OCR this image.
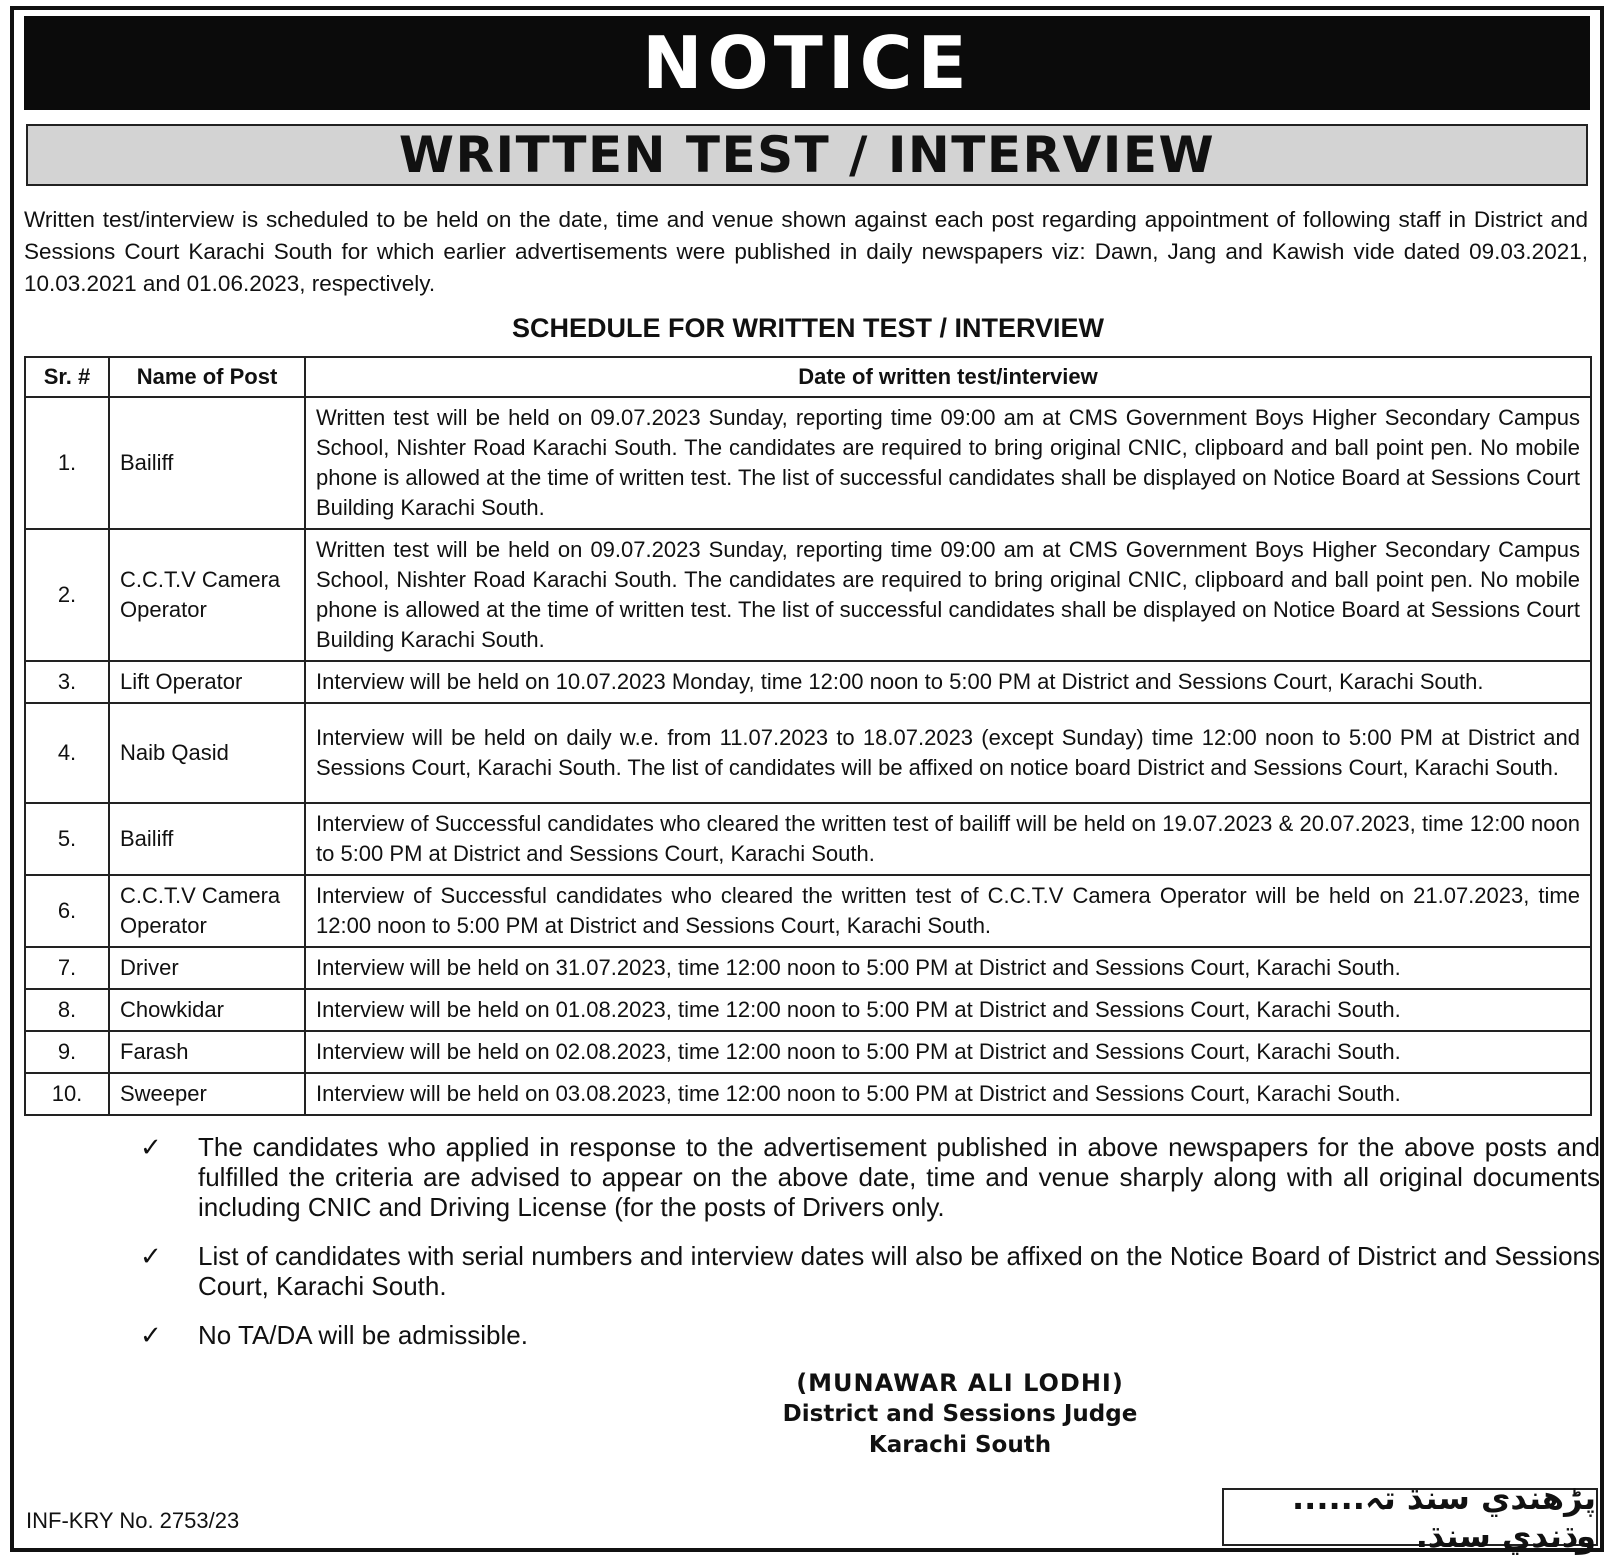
NOTICE
WRITTEN TEST / INTERVIEW

Written test/interview is scheduled to be held on the date, time and venue shown against each post regarding appointment of following staff in District and Sessions Court Karachi South for which earlier advertisements were published in daily newspapers viz: Dawn, Jang and Kawish vide dated 09.03.2021, 10.03.2021 and 01.06.2023, respectively.

SCHEDULE FOR WRITTEN TEST / INTERVIEW
Sr. #	Name of Post	Date of written test/interview
1.	Bailiff	Written test will be held on 09.07.2023 Sunday, reporting time 09:00 am at CMS Government Boys Higher Secondary Campus School, Nishter Road Karachi South. The candidates are required to bring original CNIC, clipboard and ball point pen. No mobile phone is allowed at the time of written test. The list of successful candidates shall be displayed on Notice Board at Sessions Court Building Karachi South.
2.	C.C.T.V Camera Operator	Written test will be held on 09.07.2023 Sunday, reporting time 09:00 am at CMS Government Boys Higher Secondary Campus School, Nishter Road Karachi South. The candidates are required to bring original CNIC, clipboard and ball point pen. No mobile phone is allowed at the time of written test. The list of successful candidates shall be displayed on Notice Board at Sessions Court Building Karachi South.
3.	Lift Operator	Interview will be held on 10.07.2023 Monday, time 12:00 noon to 5:00 PM at District and Sessions Court, Karachi South.
4.	Naib Qasid	Interview will be held on daily w.e. from 11.07.2023 to 18.07.2023 (except Sunday) time 12:00 noon to 5:00 PM at District and Sessions Court, Karachi South. The list of candidates will be affixed on notice board District and Sessions Court, Karachi South.
5.	Bailiff	Interview of Successful candidates who cleared the written test of bailiff will be held on 19.07.2023 & 20.07.2023, time 12:00 noon to 5:00 PM at District and Sessions Court, Karachi South.
6.	C.C.T.V Camera Operator	Interview of Successful candidates who cleared the written test of C.C.T.V Camera Operator will be held on 21.07.2023, time 12:00 noon to 5:00 PM at District and Sessions Court, Karachi South.
7.	Driver	Interview will be held on 31.07.2023, time 12:00 noon to 5:00 PM at District and Sessions Court, Karachi South.
8.	Chowkidar	Interview will be held on 01.08.2023, time 12:00 noon to 5:00 PM at District and Sessions Court, Karachi South.
9.	Farash	Interview will be held on 02.08.2023, time 12:00 noon to 5:00 PM at District and Sessions Court, Karachi South.
10.	Sweeper	Interview will be held on 03.08.2023, time 12:00 noon to 5:00 PM at District and Sessions Court, Karachi South.
✓	The candidates who applied in response to the advertisement published in above newspapers for the above posts and fulfilled the criteria are advised to appear on the above date, time and venue sharply along with all original documents including CNIC and Driving License (for the posts of Drivers only.
✓	List of candidates with serial numbers and interview dates will also be affixed on the Notice Board of District and Sessions Court, Karachi South.
✓	No TA/DA will be admissible.
(MUNAWAR ALI LODHI)
District and Sessions Judge
Karachi South
INF-KRY No. 2753/23
پڑھندي سنڌ تہ...... وڌندي سنڌ.
